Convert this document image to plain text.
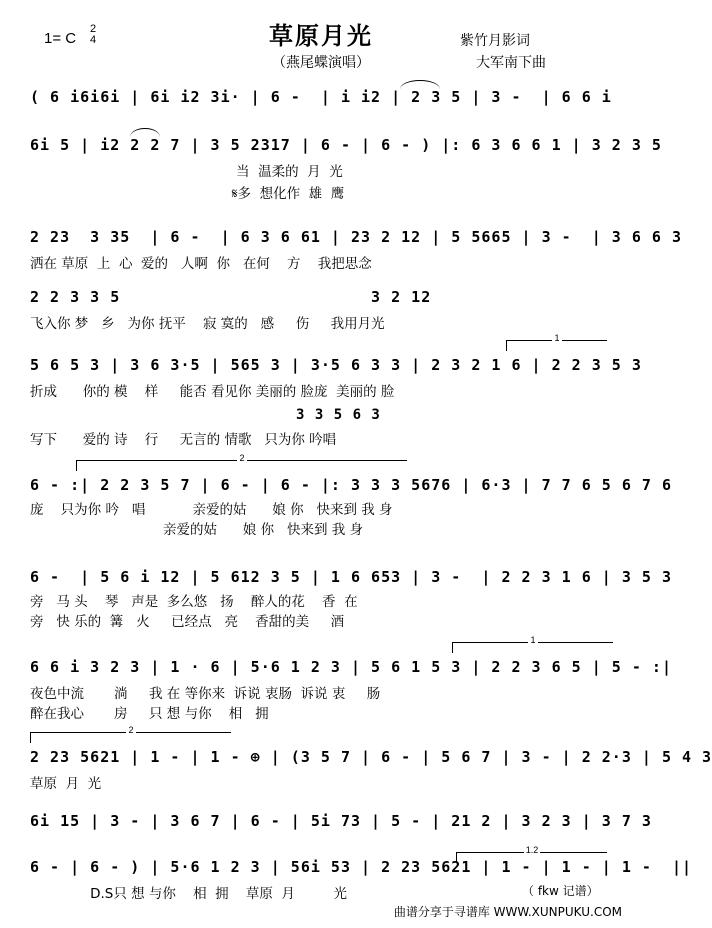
1= C
2
4	草原月光
（燕尾蝶演唱）
紫竹月影词
大军南下曲
( 6 i6i6i | 6i i2 3i· | 6 -  | i i2 | 2 3 5 | 3 -  | 6 6 i
6i 5 | i2 2 2 7 | 3 5 2317 | 6 - | 6 - ) |: 6 3 6 6 1 | 3 2 3 5
当  温柔的  月  光
𝄋多  想化作  雄  鹰
2 23  3 35  | 6 -  | 6 3 6 61 | 23 2 12 | 5 5665 | 3 -  | 3 6 6 3
洒在 草原  上  心  爱的   人啊  你   在何    方    我把思念
2 2 3 3 5                         3 2 12
飞入你 梦   乡   为你 抚平    寂 寞的   感     伤     我用月光
5 6 5 3 | 3 6 3·5 | 565 3 | 3·5 6 3 3 | 2 3 2 1 6 | 2 2 3 5 3
折成      你的 模    样     能否 看见你 美丽的 脸庞  美丽的 脸
3 3 5 6 3
写下      爱的 诗    行     无言的 情歌   只为你 吟唱
1
6 - :| 2 2 3 5 7 | 6 - | 6 - |: 3 3 3 5676 | 6·3 | 7 7 6 5 6 7 6
庞    只为你 吟   唱           亲爱的姑      娘 你   快来到 我 身
亲爱的姑      娘 你   快来到 我 身
2
6 -  | 5 6 i 12 | 5 612 3 5 | 1 6 653 | 3 -  | 2 2 3 1 6 | 3 5 3
旁   马 头    琴   声是  多么悠   扬    醉人的花    香  在
旁   快 乐的  篝   火     已经点   亮    香甜的美     酒
6 6 i 3 2 3 | 1 · 6 | 5·6 1 2 3 | 5 6 1 5 3 | 2 2 3 6 5 | 5 - :|
夜色中流       淌     我 在 等你来  诉说 衷肠  诉说 衷     肠
醉在我心       房     只 想 与你    相   拥
1
2 23 5621 | 1 - | 1 - ⊕ | (3 5 7 | 6 - | 5 6 7 | 3 - | 2 2·3 | 5 4 3
草原  月  光
2
6i 15 | 3 - | 3 6 7 | 6 - | 5i 73 | 5 - | 21 2 | 3 2 3 | 3 7 3
6 - | 6 - ) | 5·6 1 2 3 | 56i 53 | 2 23 5621 | 1 - | 1 - | 1 -  ||
D.S只 想 与你    相  拥    草原  月         光
1.2
（ fkw 记谱）
曲谱分享于寻谱库 WWW.XUNPUKU.COM
